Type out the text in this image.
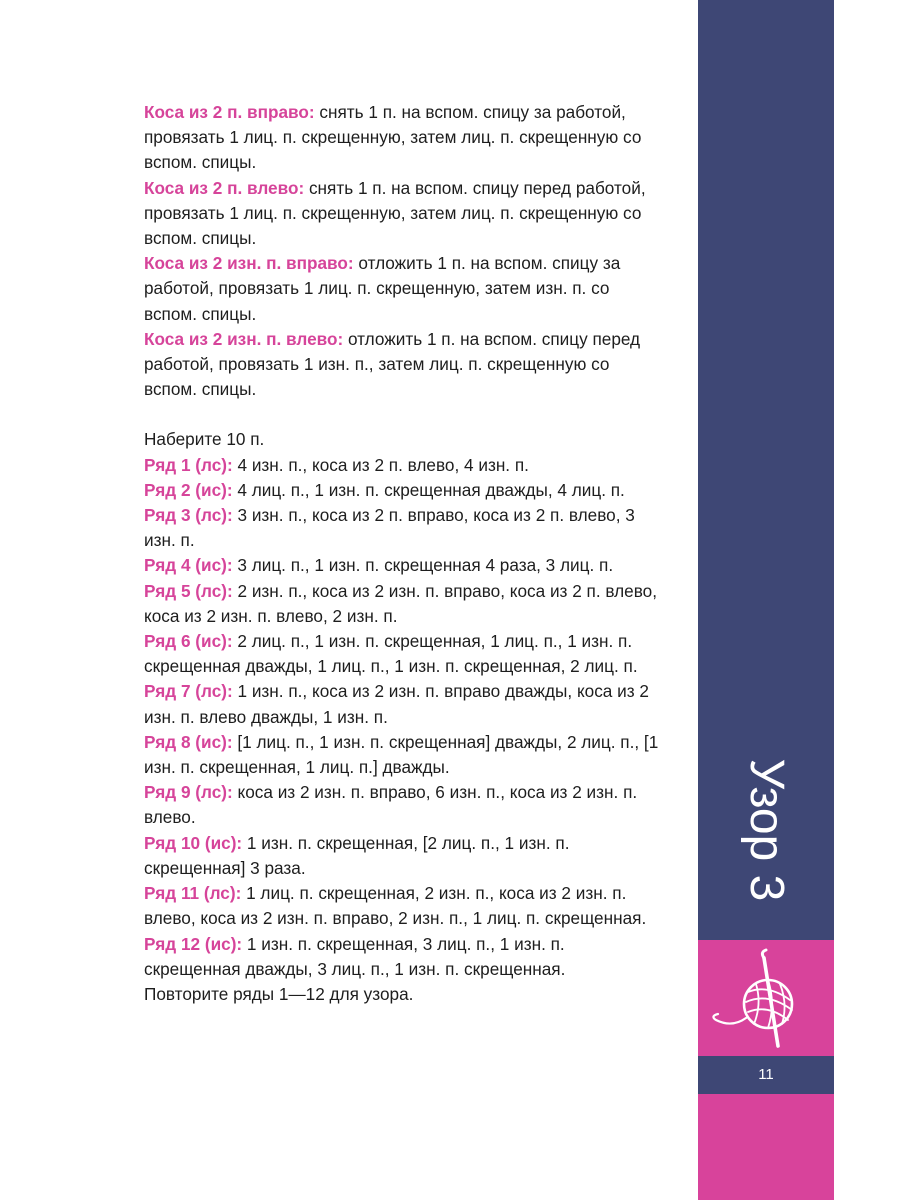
Коса из 2 п. вправо: снять 1 п. на вспом. спицу за работой, провязать 1 лиц. п. скрещенную, затем лиц. п. скрещенную со вспом. спицы.

Коса из 2 п. влево: снять 1 п. на вспом. спицу перед работой, провязать 1 лиц. п. скрещенную, затем лиц. п. скрещенную со вспом. спицы.

Коса из 2 изн. п. вправо: отложить 1 п. на вспом. спицу за работой, провязать 1 лиц. п. скрещенную, затем изн. п. со вспом. спицы.

Коса из 2 изн. п. влево: отложить 1 п. на вспом. спицу перед работой, провязать 1 изн. п., затем лиц. п. скрещенную со вспом. спицы.

Наберите 10 п.

Ряд 1 (лс): 4 изн. п., коса из 2 п. влево, 4 изн. п.

Ряд 2 (ис): 4 лиц. п., 1 изн. п. скрещенная дважды, 4 лиц. п.

Ряд 3 (лс): 3 изн. п., коса из 2 п. вправо, коса из 2 п. влево, 3 изн. п.

Ряд 4 (ис): 3 лиц. п., 1 изн. п. скрещенная 4 раза, 3 лиц. п.

Ряд 5 (лс): 2 изн. п., коса из 2 изн. п. вправо, коса из 2 п. влево, коса из 2 изн. п. влево, 2 изн. п.

Ряд 6 (ис): 2 лиц. п., 1 изн. п. скрещенная, 1 лиц. п., 1 изн. п. скрещенная дважды, 1 лиц. п., 1 изн. п. скрещенная, 2 лиц. п.

Ряд 7 (лс): 1 изн. п., коса из 2 изн. п. вправо дважды, коса из 2 изн. п. влево дважды, 1 изн. п.

Ряд 8 (ис): [1 лиц. п., 1 изн. п. скрещенная] дважды, 2 лиц. п., [1 изн. п. скрещенная, 1 лиц. п.] дважды.

Ряд 9 (лс): коса из 2 изн. п. вправо, 6 изн. п., коса из 2 изн. п. влево.

Ряд 10 (ис): 1 изн. п. скрещенная, [2 лиц. п., 1 изн. п. скрещенная] 3 раза.

Ряд 11 (лс): 1 лиц. п. скрещенная, 2 изн. п., коса из 2 изн. п. влево, коса из 2 изн. п. вправо, 2 изн. п., 1 лиц. п. скрещенная.

Ряд 12 (ис): 1 изн. п. скрещенная, 3 лиц. п., 1 изн. п. скрещенная дважды, 3 лиц. п., 1 изн. п. скрещенная.

Повторите ряды 1—12 для узора.

Узор 3
11
